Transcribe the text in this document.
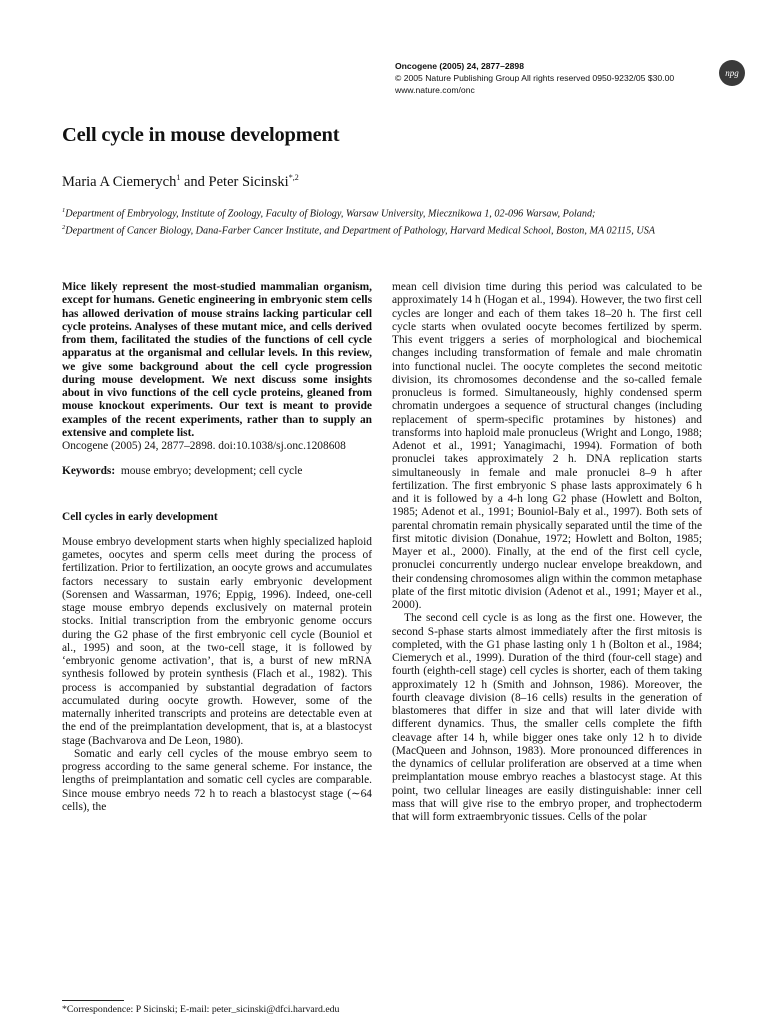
Oncogene (2005) 24, 2877–2898
© 2005 Nature Publishing Group All rights reserved 0950-9232/05 $30.00
www.nature.com/onc
npg
Cell cycle in mouse development
Maria A Ciemerych$^1$ and Peter Sicinski$^{*,2}$
$^1$Department of Embryology, Institute of Zoology, Faculty of Biology, Warsaw University, Miecznikowa 1, 02-096 Warsaw, Poland;
$^2$Department of Cancer Biology, Dana-Farber Cancer Institute, and Department of Pathology, Harvard Medical School, Boston, MA 02115, USA

Mice likely represent the most-studied mammalian organism, except for humans. Genetic engineering in embryonic stem cells has allowed derivation of mouse strains lacking particular cell cycle proteins. Analyses of these mutant mice, and cells derived from them, facilitated the studies of the functions of cell cycle apparatus at the organismal and cellular levels. In this review, we give some background about the cell cycle progression during mouse development. We next discuss some insights about in vivo functions of the cell cycle proteins, gleaned from mouse knockout experiments. Our text is meant to provide examples of the recent experiments, rather than to supply an extensive and complete list.

Oncogene (2005) 24, 2877–2898. doi:10.1038/sj.onc.1208608

Keywords: mouse embryo; development; cell cycle

Cell cycles in early development

Mouse embryo development starts when highly specialized haploid gametes, oocytes and sperm cells meet during the process of fertilization. Prior to fertilization, an oocyte grows and accumulates factors necessary to sustain early embryonic development (Sorensen and Wassarman, 1976; Eppig, 1996). Indeed, one-cell stage mouse embryo depends exclusively on maternal protein stocks. Initial transcription from the embryonic genome occurs during the G2 phase of the first embryonic cell cycle (Bouniol et al., 1995) and soon, at the two-cell stage, it is followed by ‘embryonic genome activation’, that is, a burst of new mRNA synthesis followed by protein synthesis (Flach et al., 1982). This process is accompanied by substantial degradation of factors accumulated during oocyte growth. However, some of the maternally inherited transcripts and proteins are detectable even at the end of the preimplantation development, that is, at a blastocyst stage (Bachvarova and De Leon, 1980).

Somatic and early cell cycles of the mouse embryo seem to progress according to the same general scheme. For instance, the lengths of preimplantation and somatic cell cycles are comparable. Since mouse embryo needs 72 h to reach a blastocyst stage (∼64 cells), the

mean cell division time during this period was calculated to be approximately 14 h (Hogan et al., 1994). However, the two first cell cycles are longer and each of them takes 18–20 h. The first cell cycle starts when ovulated oocyte becomes fertilized by sperm. This event triggers a series of morphological and biochemical changes including transformation of female and male chromatin into functional nuclei. The oocyte completes the second meitotic division, its chromosomes decondense and the so-called female pronucleus is formed. Simultaneously, highly condensed sperm chromatin undergoes a sequence of structural changes (including replacement of sperm-specific protamines by histones) and transforms into haploid male pronucleus (Wright and Longo, 1988; Adenot et al., 1991; Yanagimachi, 1994). Formation of both pronuclei takes approximately 2 h. DNA replication starts simultaneously in female and male pronuclei 8–9 h after fertilization. The first embryonic S phase lasts approximately 6 h and it is followed by a 4-h long G2 phase (Howlett and Bolton, 1985; Adenot et al., 1991; Bouniol-Baly et al., 1997). Both sets of parental chromatin remain physically separated until the time of the first mitotic division (Donahue, 1972; Howlett and Bolton, 1985; Mayer et al., 2000). Finally, at the end of the first cell cycle, pronuclei concurrently undergo nuclear envelope breakdown, and their condensing chromosomes align within the common metaphase plate of the first mitotic division (Adenot et al., 1991; Mayer et al., 2000).

The second cell cycle is as long as the first one. However, the second S-phase starts almost immediately after the first mitosis is completed, with the G1 phase lasting only 1 h (Bolton et al., 1984; Ciemerych et al., 1999). Duration of the third (four-cell stage) and fourth (eighth-cell stage) cell cycles is shorter, each of them taking approximately 12 h (Smith and Johnson, 1986). Moreover, the fourth cleavage division (8–16 cells) results in the generation of blastomeres that differ in size and that will later divide with different dynamics. Thus, the smaller cells complete the fifth cleavage after 14 h, while bigger ones take only 12 h to divide (MacQueen and Johnson, 1983). More pronounced differences in the dynamics of cellular proliferation are observed at a time when preimplantation mouse embryo reaches a blastocyst stage. At this point, two cellular lineages are easily distinguishable: inner cell mass that will give rise to the embryo proper, and trophectoderm that will form extraembryonic tissues. Cells of the polar

*Correspondence: P Sicinski; E-mail: peter_sicinski@dfci.harvard.edu
